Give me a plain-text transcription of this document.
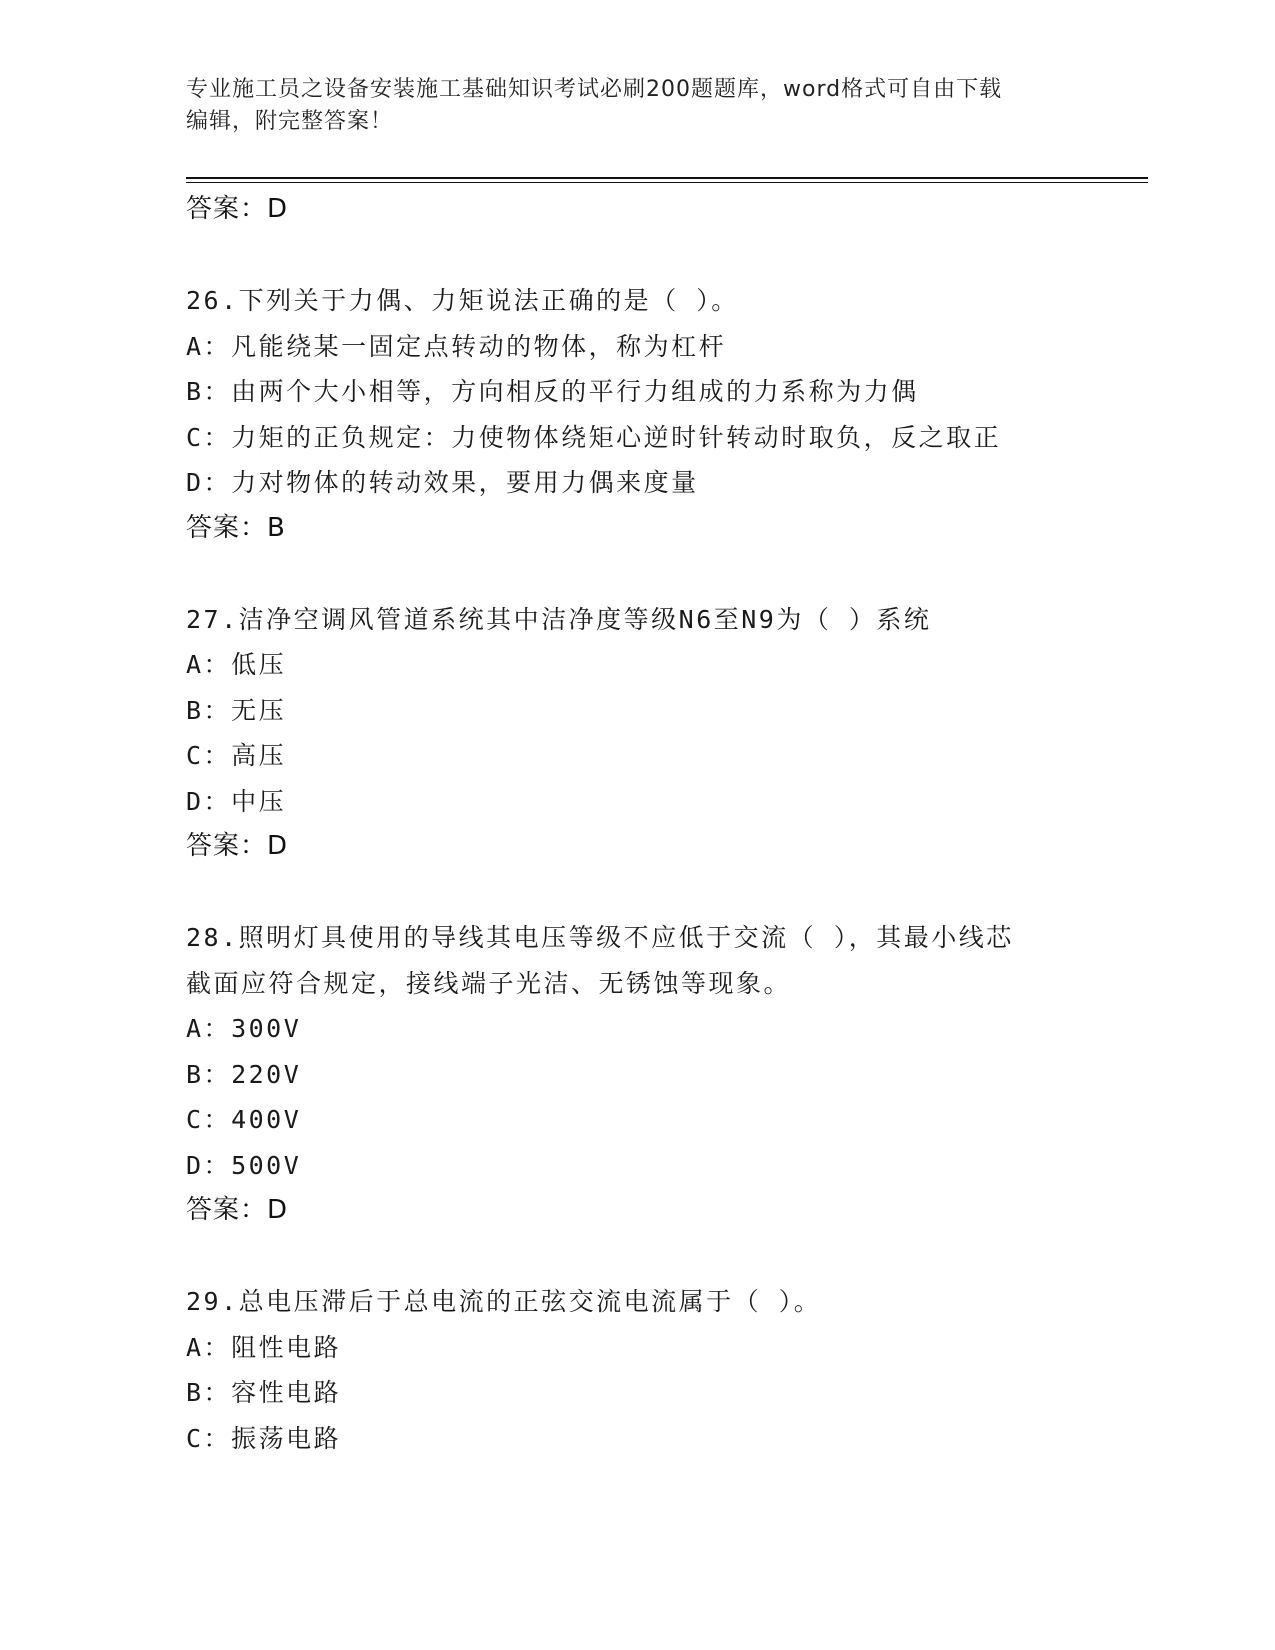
专业施工员之设备安装施工基础知识考试必刷200题题库，word格式可自由下载
编辑，附完整答案！
答案：D
26.下列关于力偶、力矩说法正确的是（ ）。
A：凡能绕某一固定点转动的物体，称为杠杆
B：由两个大小相等，方向相反的平行力组成的力系称为力偶
C：力矩的正负规定：力使物体绕矩心逆时针转动时取负，反之取正
D：力对物体的转动效果，要用力偶来度量
答案：B
27.洁净空调风管道系统其中洁净度等级N6至N9为（ ）系统
A：低压
B：无压
C：高压
D：中压
答案：D
28.照明灯具使用的导线其电压等级不应低于交流（ ），其最小线芯
截面应符合规定，接线端子光洁、无锈蚀等现象。
A：300V
B：220V
C：400V
D：500V
答案：D
29.总电压滞后于总电流的正弦交流电流属于（ ）。
A：阻性电路
B：容性电路
C：振荡电路
